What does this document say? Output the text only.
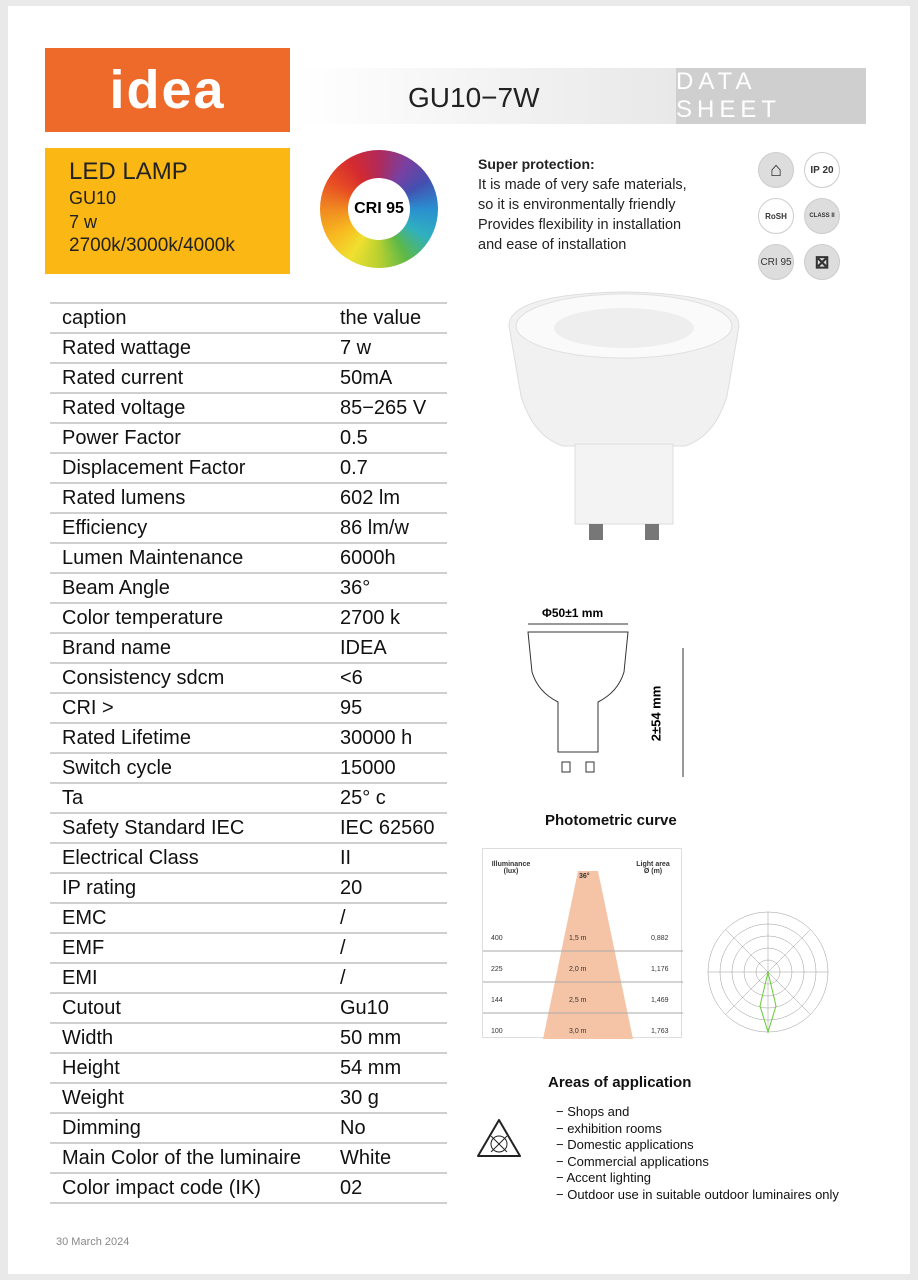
idea	GU10−7W
DATA SHEET
LED LAMP
GU10
7 w
2700k/3000k/4000k
CRI 95
Super protection:
It is made of very safe materials,
so it is environmentally friendly
Provides flexibility in installation
and ease of installation
⌂	IP 20
RoSH	CLASS II
CRI 95	⊠
caption	the value
Rated wattage	7 w
Rated current	50mA
Rated voltage	85−265 V
Power Factor	0.5
Displacement Factor	0.7
Rated lumens	602 lm
Efficiency	86 lm/w
Lumen Maintenance	6000h
Beam Angle	36°
Color temperature	2700 k
Brand name	IDEA
Consistency sdcm	<6
CRI >	95
Rated Lifetime	30000 h
Switch cycle	15000
Ta	25° c
Safety Standard IEC	IEC 62560
Electrical Class	II
IP rating	20
EMC	/
EMF	/
EMI	/
Cutout	Gu10
Width	50 mm
Height	54 mm
Weight	30 g
Dimming	No
Main Color of the luminaire	White
Color impact code (IK)	02
Φ50±1 mm
2±54 mm
Photometric curve
Illuminance (lux)
Light area Ø (m)
36°
400	1,5 m	0,882
225	2,0 m	1,176
144	2,5 m	1,469
100	3,0 m	1,763
Areas of application
− Shops and
− exhibition rooms
− Domestic applications
− Commercial applications
− Accent lighting
− Outdoor use in suitable outdoor luminaires only
30 March 2024
